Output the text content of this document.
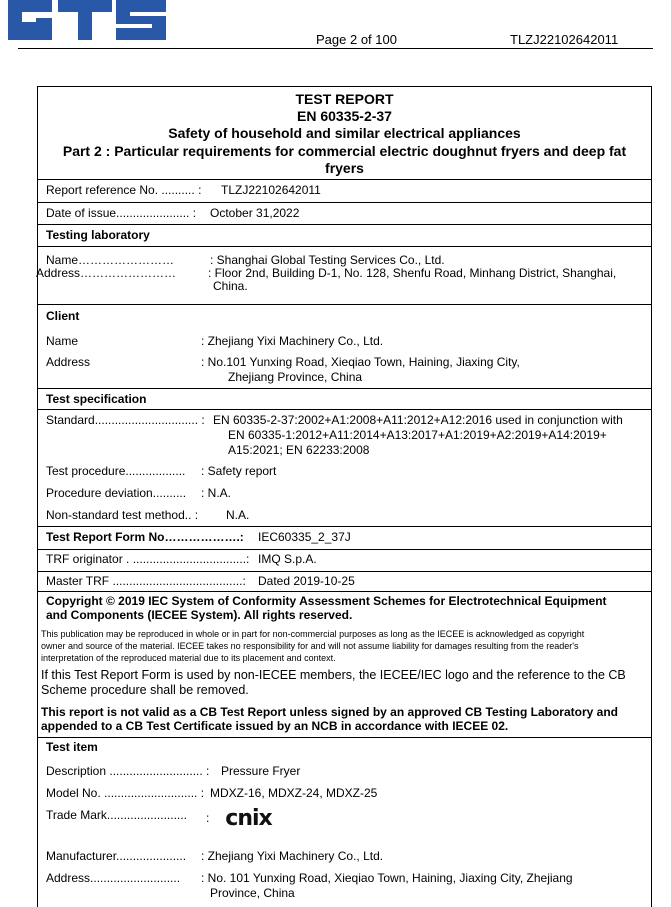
Page 2 of 100	TLZJ22102642011
TEST REPORT
EN 60335-2-37
Safety of household and similar electrical appliances
Part 2 : Particular requirements for commercial electric doughnut fryers and deep fat
fryers
Report reference No. .......... : TLZJ22102642011
Date of issue...................... : October 31,2022
Testing laboratory
Name……………………	: Shanghai Global Testing Services Co., Ltd.
Address……………………	: Floor 2nd, Building D-1, No. 128, Shenfu Road, Minhang District, Shanghai,
China.
Client
Name	: Zhejiang Yixi Machinery Co., Ltd.
Address	: No.101 Yunxing Road, Xieqiao Town, Haining, Jiaxing City,
Zhejiang Province, China
Test specification
Standard............................... : EN 60335-2-37:2002+A1:2008+A11:2012+A12:2016 used in conjunction with
EN 60335-1:2012+A11:2014+A13:2017+A1:2019+A2:2019+A14:2019+
A15:2021; EN 62233:2008
Test procedure.................. : Safety report
Procedure deviation.......... : N.A.
Non-standard test method.. : N.A.
Test Report Form No……………….: IEC60335_2_37J
TRF originator . ..................................: IMQ S.p.A.
Master TRF .......................................: Dated 2019-10-25
Copyright © 2019 IEC System of Conformity Assessment Schemes for Electrotechnical Equipment
and Components (IECEE System). All rights reserved.
This publication may be reproduced in whole or in part for non-commercial purposes as long as the IECEE is acknowledged as copyright
owner and source of the material. IECEE takes no responsibility for and will not assume liability for damages resulting from the reader's
interpretation of the reproduced material due to its placement and context.
If this Test Report Form is used by non-IECEE members, the IECEE/IEC logo and the reference to the CB
Scheme procedure shall be removed.
This report is not valid as a CB Test Report unless signed by an approved CB Testing Laboratory and
appended to a CB Test Certificate issued by an NCB in accordance with IECEE 02.
Test item
Description ............................ : Pressure Fryer
Model No. ............................ : MDXZ-16, MDXZ-24, MDXZ-25
Trade Mark........................ : cnix
Manufacturer..................... : Zhejiang Yixi Machinery Co., Ltd.
Address........................... : No. 101 Yunxing Road, Xieqiao Town, Haining, Jiaxing City, Zhejiang
Province, China
